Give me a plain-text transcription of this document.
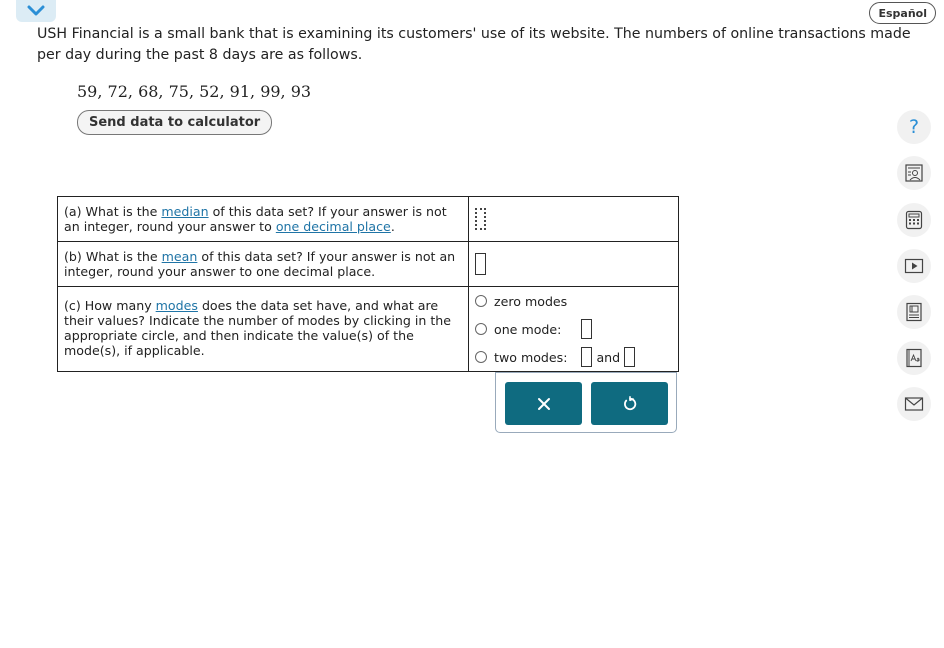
Español
USH Financial is a small bank that is examining its customers' use of its website. The numbers of online transactions made per day during the past 8 days are as follows.
59, 72, 68, 75, 52, 91, 99, 93
Send data to calculator
(a) What is the median of this data set? If your answer is not an integer, round your answer to one decimal place.	
(b) What is the mean of this data set? If your answer is not an integer, round your answer to one decimal place.	
(c) How many modes does the data set have, and what are their values? Indicate the number of modes by clicking in the appropriate circle, and then indicate the value(s) of the mode(s), if applicable.	zero modes
one mode:
two modes: and
?
